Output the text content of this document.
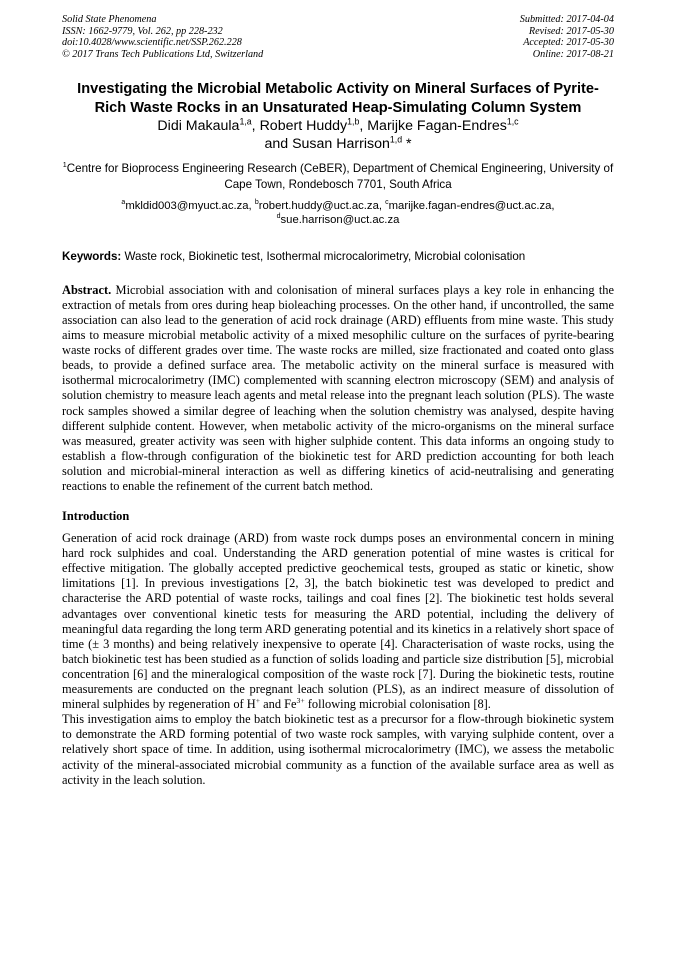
Solid State Phenomena
ISSN: 1662-9779, Vol. 262, pp 228-232
doi:10.4028/www.scientific.net/SSP.262.228
© 2017 Trans Tech Publications Ltd, Switzerland
Submitted: 2017-04-04
Revised: 2017-05-30
Accepted: 2017-05-30
Online: 2017-08-21
Investigating the Microbial Metabolic Activity on Mineral Surfaces of Pyrite-Rich Waste Rocks in an Unsaturated Heap-Simulating Column System
Didi Makaula$^{1,a}$, Robert Huddy$^{1,b}$, Marijke Fagan-Endres$^{1,c}$
and Susan Harrison$^{1,d}$ *
$^1$Centre for Bioprocess Engineering Research (CeBER), Department of Chemical Engineering, University of Cape Town, Rondebosch 7701, South Africa
$^a$mkldid003@myuct.ac.za, $^b$robert.huddy@uct.ac.za, $^c$marijke.fagan-endres@uct.ac.za,
$^d$sue.harrison@uct.ac.za
Keywords: Waste rock, Biokinetic test, Isothermal microcalorimetry, Microbial colonisation
Abstract. Microbial association with and colonisation of mineral surfaces plays a key role in enhancing the extraction of metals from ores during heap bioleaching processes. On the other hand, if uncontrolled, the same association can also lead to the generation of acid rock drainage (ARD) effluents from mine waste. This study aims to measure microbial metabolic activity of a mixed mesophilic culture on the surfaces of pyrite-bearing waste rocks of different grades over time. The waste rocks are milled, size fractionated and coated onto glass beads, to provide a defined surface area. The metabolic activity on the mineral surface is measured with isothermal microcalorimetry (IMC) complemented with scanning electron microscopy (SEM) and analysis of solution chemistry to measure leach agents and metal release into the pregnant leach solution (PLS). The waste rock samples showed a similar degree of leaching when the solution chemistry was analysed, despite having different sulphide content. However, when metabolic activity of the micro-organisms on the mineral surface was measured, greater activity was seen with higher sulphide content. This data informs an ongoing study to establish a flow-through configuration of the biokinetic test for ARD prediction accounting for both leach solution and microbial-mineral interaction as well as differing kinetics of acid-neutralising and generating reactions to enable the refinement of the current batch method.
Introduction
Generation of acid rock drainage (ARD) from waste rock dumps poses an environmental concern in mining hard rock sulphides and coal. Understanding the ARD generation potential of mine wastes is critical for effective mitigation. The globally accepted predictive geochemical tests, grouped as static or kinetic, show limitations [1]. In previous investigations [2, 3], the batch biokinetic test was developed to predict and characterise the ARD potential of waste rocks, tailings and coal fines [2]. The biokinetic test holds several advantages over conventional kinetic tests for measuring the ARD potential, including the delivery of meaningful data regarding the long term ARD generating potential and its kinetics in a relatively short space of time (± 3 months) and being relatively inexpensive to operate [4]. Characterisation of waste rocks, using the batch biokinetic test has been studied as a function of solids loading and particle size distribution [5], microbial concentration [6] and the mineralogical composition of the waste rock [7]. During the biokinetic tests, routine measurements are conducted on the pregnant leach solution (PLS), as an indirect measure of dissolution of mineral sulphides by regeneration of H+ and $Fe^{3+}$ following microbial colonisation [8].
This investigation aims to employ the batch biokinetic test as a precursor for a flow-through biokinetic system to demonstrate the ARD forming potential of two waste rock samples, with varying sulphide content, over a relatively short space of time. In addition, using isothermal microcalorimetry (IMC), we assess the metabolic activity of the mineral-associated microbial community as a function of the available surface area as well as activity in the leach solution.
